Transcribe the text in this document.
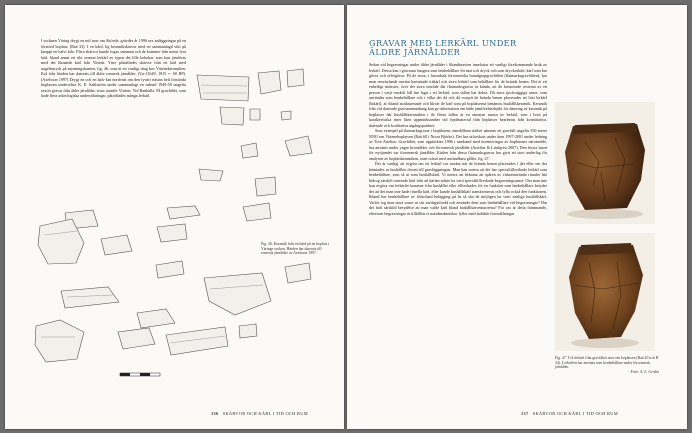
I socknen Väring drygt en mil norr om Skövde, grävdes år 1996 sex anläggningar på en förstörd boplats, (Raä 33). I en hård, lig keramikskärvor med en sammanlagd vikt på knappt ett halvt kilo. Flera skärvor kunde fogas samman och de kommer från minst fyra kärl, bland annat ett rikt ornerat lerkärl av typen det lille kokekar, som kan jämföras med det liknande kärl från Vittene. Yttre påträffades skärvor från ett kärl med nagelintryck på mynningskanten, fig. 46, som är ett vanligt drag hos Vittenekeramiken. Kol från härden har daterats till äldre romersk järnålder, (Ua-11649, 1815 +- 60 BP). (Axelsson 1997) Drygt en och en halv km nordväst om den tyvärr nästan helt förstörda boplatsen undersökte K. E. Sahlström under sammanlagt en månad 1949-50 ungefär sextio gravar från äldre järnålder, strax utanför Vittene. Vid Bankälla. På gravfältet, som hade flera arkeologiska undersökningar, påträffades många lerkärl.

Fig. 46. Keramik från en härd på en boplats i Väringe socken. Härden har daterats till romersk järnålder av Axelsson 1997.
136 SKÄRVOR OCH KÄRL I TID OCH RUM
GRAVAR MED LERKÄRL UNDER
ÄLDRE JÄRNÅLDER

Sedan vid begravningar under äldre järnålder i Skandinavien innefattar ett vanligt förekommande bruk av lerkärl. Dessa kan i gravarna fungera som benbehållare för mat och dryck och som dryckeskärl, kärl som bar gåvor och offergåvor. På de stora, i huvudsak förromerska brandgropgravfälten (flatmarksgravfälten), har man omväxlande använt hartstäade träkärl och stora lerkärl som behållare för de brända benen. Det är ett enhetligt mönster, över det stora område där flatmarksgravar är kända, att de kremerade resterna av en person i varje enskilt fall har lagts i ett lerkärl, som sällan har dekor. Då stora tjockväggiga urnor, som användes som benbehållare och i vilka det då och då svaspit de brända benen placerades ett litet lerkärl (bikärl), är ibland strukturmade och likvär de kärl som på boplatserna benämns hushållskeramik. Keramik från vid daterade gravsammanhang kan ge information om både jämförelseobjekt för datering av keramik på boplatser där hushållskeramiken i de flesta fallen är en anonym massa av lerkärl, som i brist på karakteristika riner liten uppmärksamhet vid fyndmaterial från boplatser bearbetas från kvantitativa, daterade och kvalitativa utgångspunkter.

Som exempel på flatmarksgravar i boplatsens omedelbara närhet nämnes ett gravfält ungefär 350 meter NNO om Vitteneboplatsen (Raä 60 i Norra Björke). Det har utforskats under åren 1997-2001 under ledning av Tore Artelius. Gravfältet, som upptäcktes 1996 i samband med inventeringar av boplatsens närområde, har använts under yngre bronsålder och förromersk järnålder (Artelius & Lindqvist 2007). Den första fasen för nyttjandet var förromersk järnålder. Kärlen från dessa flatmarksgravar har givit ett stort underlag för analysen av boplatskeramiken, men också med användbara gåller, fig. 47.

Det är vanligt att avgöra om ett lerkärl var använt när de brända benen placerades i det eller om det hämtades ur hushållen försett till gravläggningen. Man kan notera att det har specialtillverkade lerkärl som benbehållare, som så ut som hushållskärl. Vi notera att bekanta att spåren av vidareanvända ritualer här bidrog särskilt ornerade kärl från att kärlen måste ha varit specialtillverkade begravningsurnor. Om man inte kan avgöra om lerkärlet kommer från hushållet eller tillverkades för en funktion som benbehållare betyder det att det man inte hade rituella kärl, eller kunde hushållskärl transformeras och fylla också den funktionen. Ibland har benbehållare av förkolnad belägging på fn så ska de möjligen ha varit vanliga hushållskärl. Varför tog man stora urnor ur sitt vardagsförråd och använde dem som benbehållare vid begravningar? Har det haft särskild betydelse att man valde kärl bland hushållsinventarierna? För oss är detta främmande, eftersom begravningar är tillfällen vi nutidsmänniskor fyller med laddade föreställningar.

Fig. 47. Två lerkärl från gravfältet norr om boplatsen (Raä 20 och R 34). Lerkärlen har använts som benbehållare under förromersk järnålder.
Foto: A.-L. Gerdin
137 SKÄRVOR OCH KÄRL I TID OCH RUM
